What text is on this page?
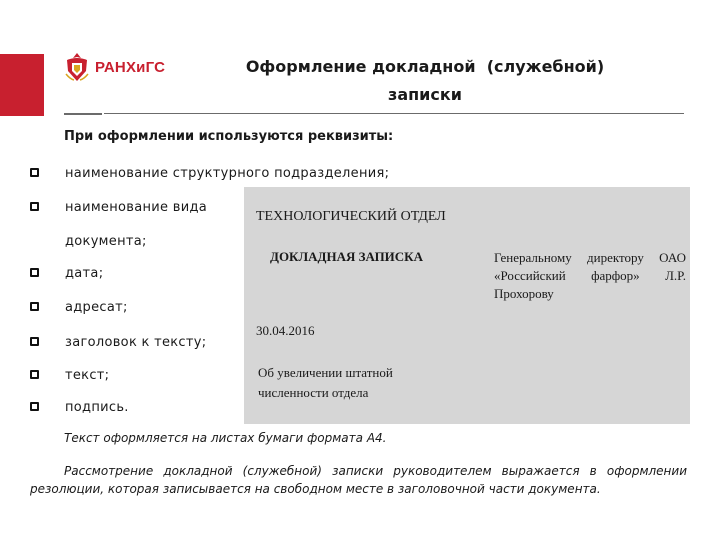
РАНХиГС	Оформление докладной  (служебной)
записки
При оформлении используются реквизиты:
наименование структурного подразделения;
наименование вида
документа;
дата;
адресат;
заголовок к тексту;
текст;
подпись.
ТЕХНОЛОГИЧЕСКИЙ ОТДЕЛ
ДОКЛАДНАЯ ЗАПИСКА	Генеральному директору ОАО «Российский фарфор» Л.Р. Прохорову
30.04.2016
Об увеличении штатной численности отдела
Текст оформляется на листах бумаги формата А4.
Рассмотрение докладной (служебной) записки руководителем выражается в оформлении резолюции, которая записывается на свободном месте в заголовочной части документа.
